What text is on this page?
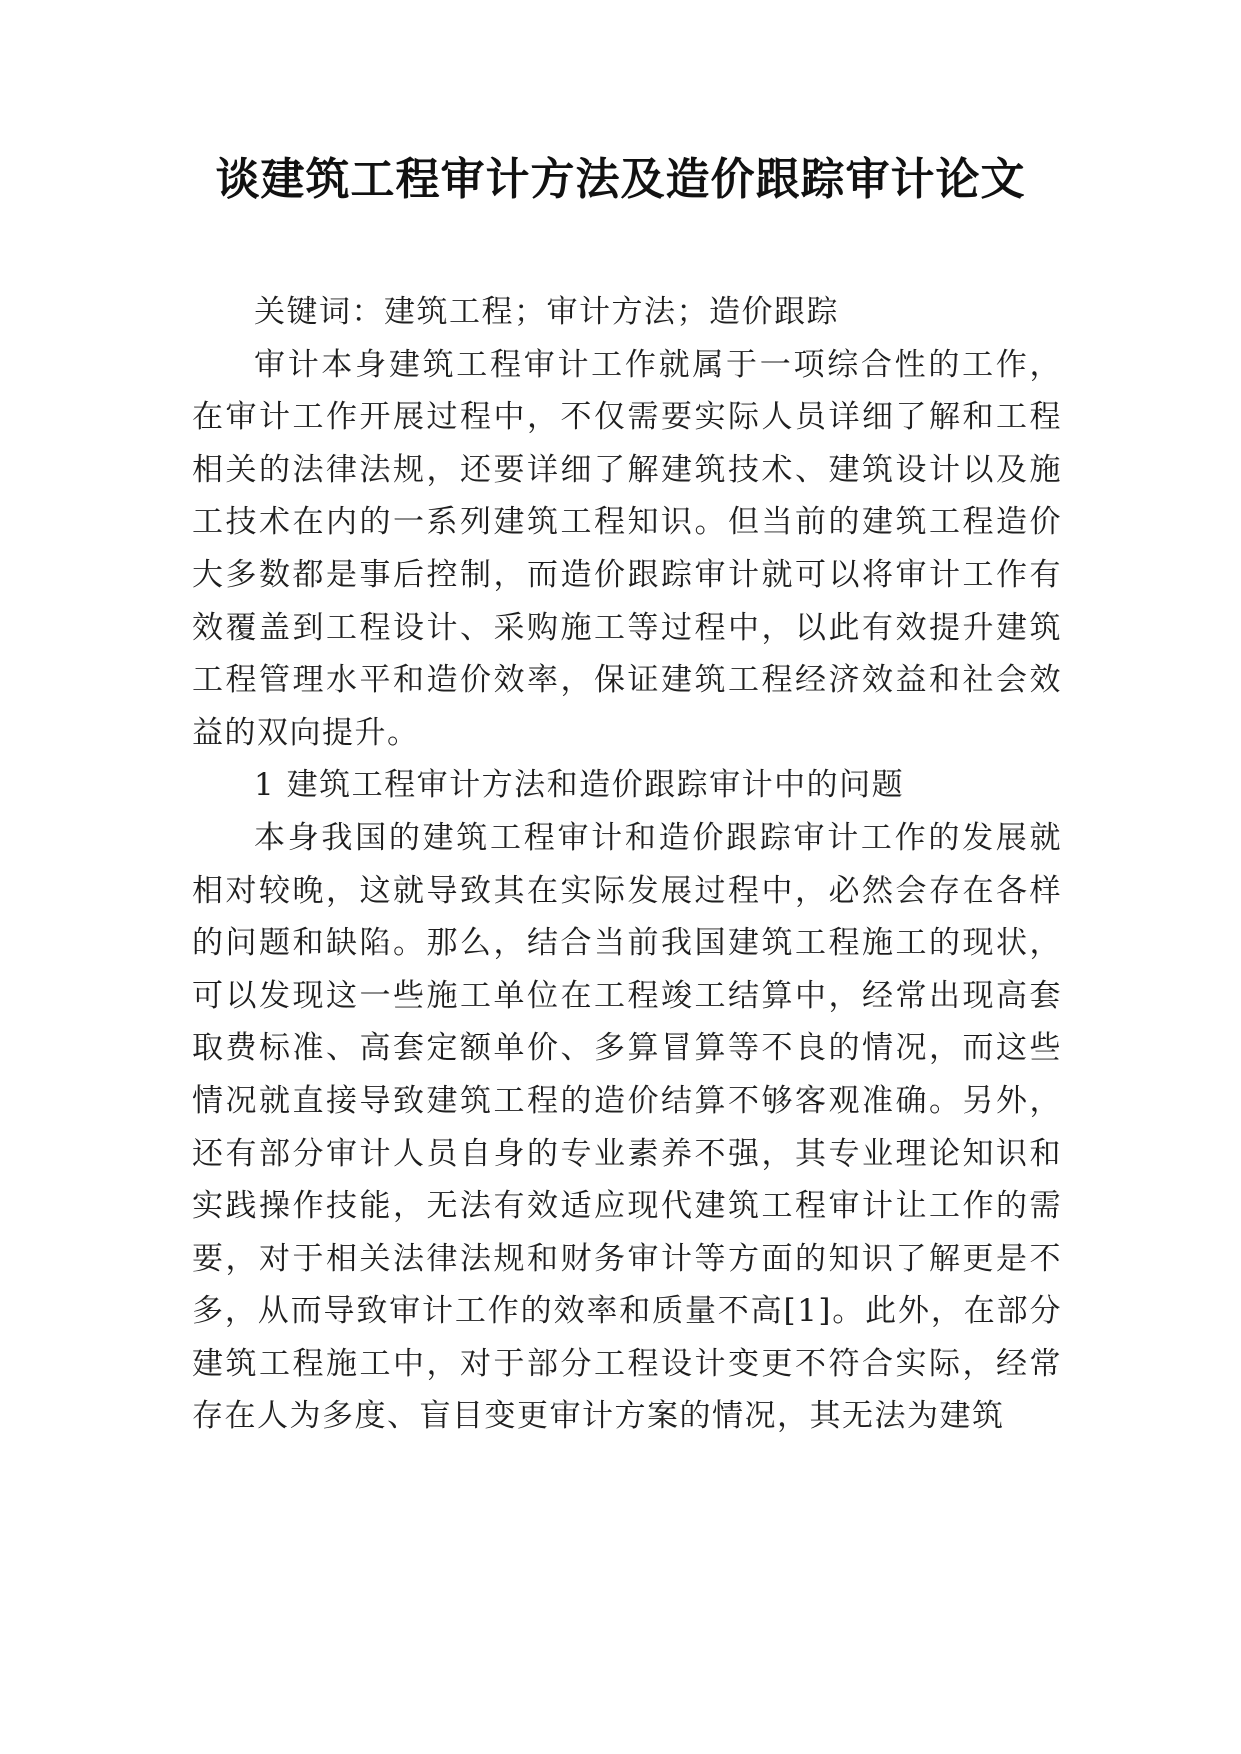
谈建筑工程审计方法及造价跟踪审计论文

关键词：建筑工程；审计方法；造价跟踪

审计本身建筑工程审计工作就属于一项综合性的工作，在审计工作开展过程中，不仅需要实际人员详细了解和工程相关的法律法规，还要详细了解建筑技术、建筑设计以及施工技术在内的一系列建筑工程知识。但当前的建筑工程造价大多数都是事后控制，而造价跟踪审计就可以将审计工作有效覆盖到工程设计、采购施工等过程中，以此有效提升建筑工程管理水平和造价效率，保证建筑工程经济效益和社会效益的双向提升。

1 建筑工程审计方法和造价跟踪审计中的问题

本身我国的建筑工程审计和造价跟踪审计工作的发展就相对较晚，这就导致其在实际发展过程中，必然会存在各样的问题和缺陷。那么，结合当前我国建筑工程施工的现状，可以发现这一些施工单位在工程竣工结算中，经常出现高套取费标准、高套定额单价、多算冒算等不良的情况，而这些情况就直接导致建筑工程的造价结算不够客观准确。另外，还有部分审计人员自身的专业素养不强，其专业理论知识和实践操作技能，无法有效适应现代建筑工程审计让工作的需要，对于相关法律法规和财务审计等方面的知识了解更是不多，从而导致审计工作的效率和质量不高[1]。此外，在部分建筑工程施工中，对于部分工程设计变更不符合实际，经常存在人为多度、盲目变更审计方案的情况，其无法为建筑
